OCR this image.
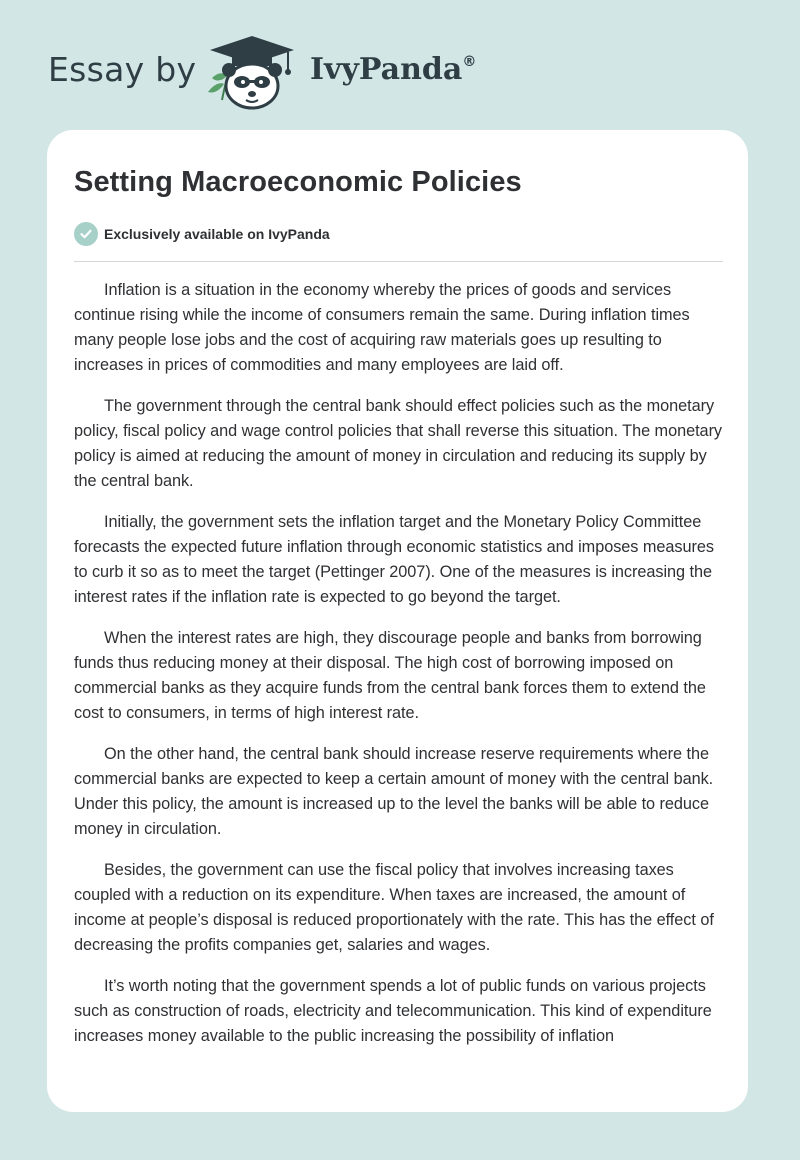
Essay by	IvyPanda®
Setting Macroeconomic Policies
Exclusively available on IvyPanda

Inflation is a situation in the economy whereby the prices of goods and services continue rising while the income of consumers remain the same. During inflation times many people lose jobs and the cost of acquiring raw materials goes up resulting to increases in prices of commodities and many employees are laid off.

The government through the central bank should effect policies such as the monetary policy, fiscal policy and wage control policies that shall reverse this situation. The monetary policy is aimed at reducing the amount of money in circulation and reducing its supply by the central bank.

Initially, the government sets the inflation target and the Monetary Policy Committee forecasts the expected future inflation through economic statistics and imposes measures to curb it so as to meet the target (Pettinger 2007). One of the measures is increasing the interest rates if the inflation rate is expected to go beyond the target.

When the interest rates are high, they discourage people and banks from borrowing funds thus reducing money at their disposal. The high cost of borrowing imposed on commercial banks as they acquire funds from the central bank forces them to extend the cost to consumers, in terms of high interest rate.

On the other hand, the central bank should increase reserve requirements where the commercial banks are expected to keep a certain amount of money with the central bank. Under this policy, the amount is increased up to the level the banks will be able to reduce money in circulation.

Besides, the government can use the fiscal policy that involves increasing taxes coupled with a reduction on its expenditure. When taxes are increased, the amount of income at people’s disposal is reduced proportionately with the rate. This has the effect of decreasing the profits companies get, salaries and wages.

It’s worth noting that the government spends a lot of public funds on various projects such as construction of roads, electricity and telecommunication. This kind of expenditure increases money available to the public increasing the possibility of inflation
